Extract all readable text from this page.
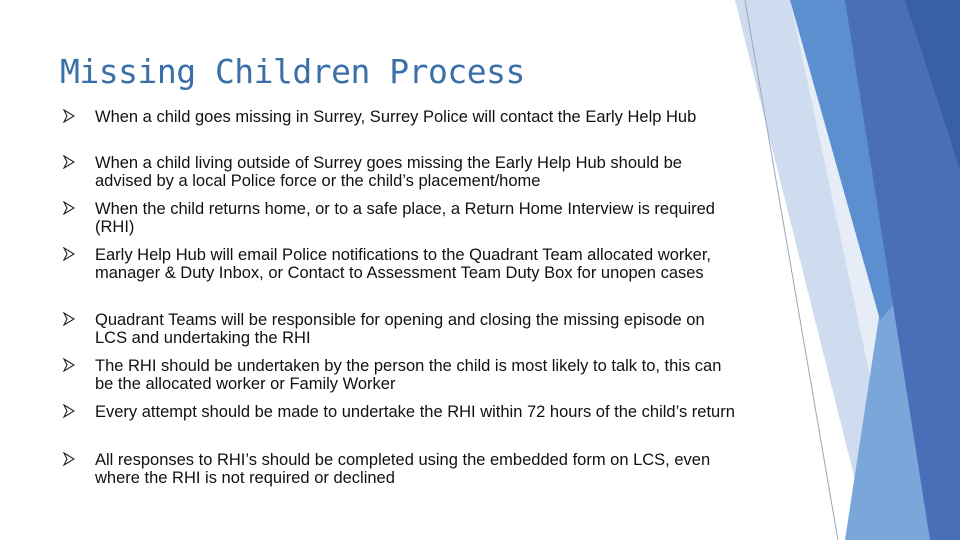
Missing Children Process
When a child goes missing in Surrey, Surrey Police will contact the Early Help Hub
When a child living outside of Surrey goes missing the Early Help Hub should be advised by a local Police force or the child’s placement/home
When the child returns home, or to a safe place, a Return Home Interview is required (RHI)
Early Help Hub will email Police notifications to the Quadrant Team allocated worker, manager & Duty Inbox, or Contact to Assessment Team Duty Box for unopen cases
Quadrant Teams will be responsible for opening and closing the missing episode on LCS and undertaking the RHI
The RHI should be undertaken by the person the child is most likely to talk to, this can be the allocated worker or Family Worker
Every attempt should be made to undertake the RHI within 72 hours of the child’s return
All responses to RHI’s should be completed using the embedded form on LCS, even where the RHI is not required or declined
